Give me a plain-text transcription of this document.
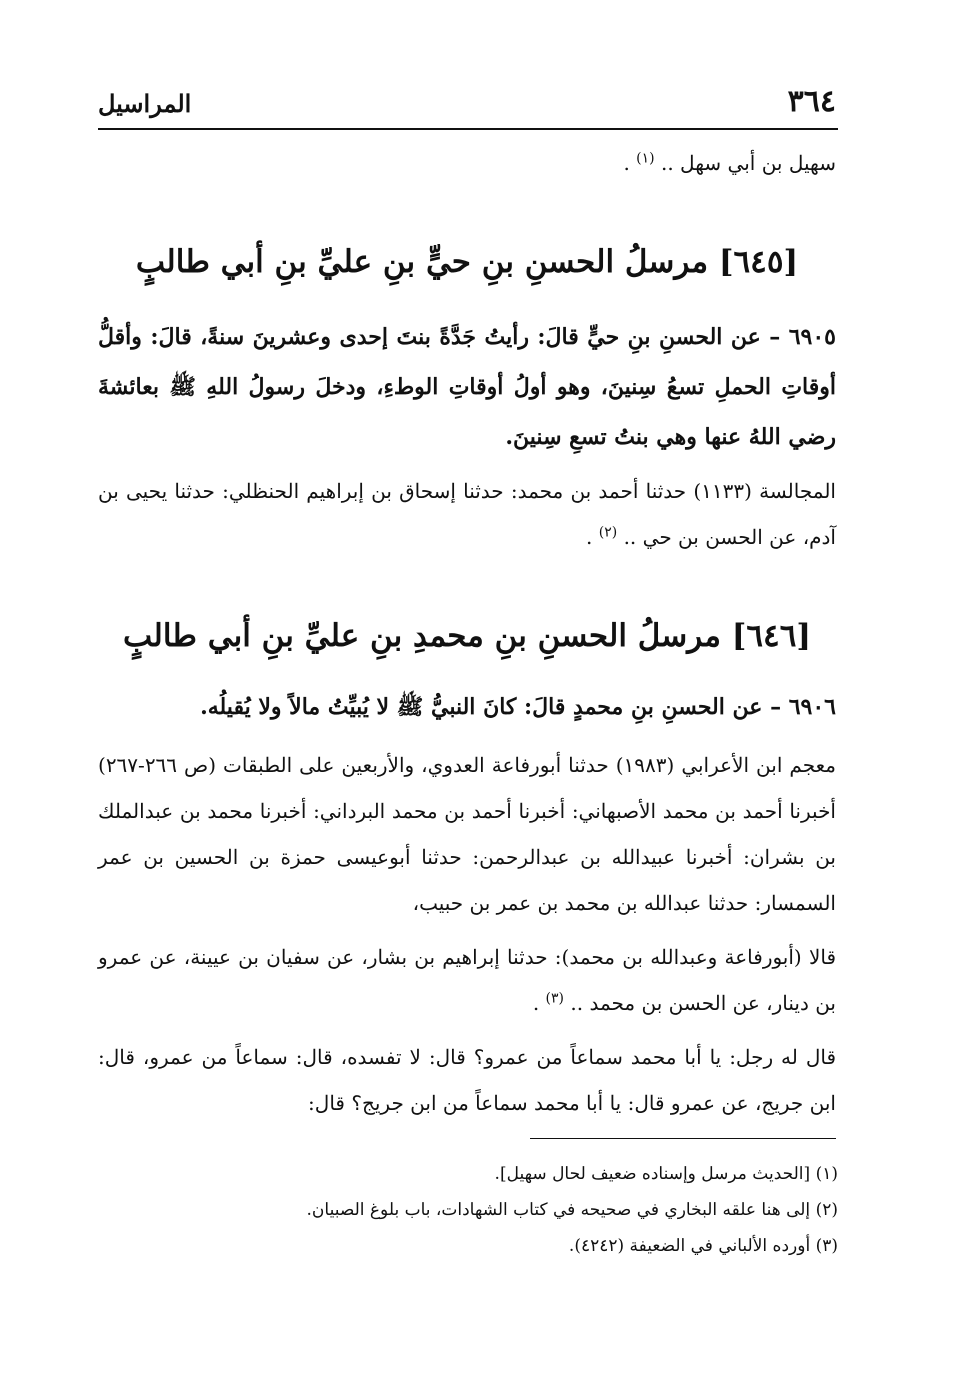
٣٦٤
المراسيل
سهيل بن أبي سهل .. $^{(١)}$ .
[٦٤٥] مرسلُ الحسنِ بنِ حيٍّ بنِ عليِّ بنِ أبي طالبٍ
٦٩٠٥ – عن الحسنِ بنِ حيٍّ قالَ: رأيتُ جَدَّةً بنتَ إحدى وعشرينَ سنةً، قالَ: وأقلُّ أوقاتِ الحملِ تسعُ سِنينَ، وهو أولُ أوقاتِ الوطءِ، ودخلَ رسولُ اللهِ ﷺ بعائشةَ رضي اللهُ عنها وهي بنتُ تسعِ سِنينَ.
المجالسة (١١٣٣) حدثنا أحمد بن محمد: حدثنا إسحاق بن إبراهيم الحنظلي: حدثنا يحيى بن آدم، عن الحسن بن حي .. $^{(٢)}$ .
[٦٤٦] مرسلُ الحسنِ بنِ محمدِ بنِ عليِّ بنِ أبي طالبٍ
٦٩٠٦ – عن الحسنِ بنِ محمدٍ قالَ: كانَ النبيُّ ﷺ لا يُبيِّتُ مالاً ولا يُقيلُه.
معجم ابن الأعرابي (١٩٨٣) حدثنا أبورفاعة العدوي، والأربعين على الطبقات (ص ٢٦٦-٢٦٧) أخبرنا أحمد بن محمد الأصبهاني: أخبرنا أحمد بن محمد البرداني: أخبرنا محمد بن عبدالملك بن بشران: أخبرنا عبيدالله بن عبدالرحمن: حدثنا أبوعيسى حمزة بن الحسين بن عمر السمسار: حدثنا عبدالله بن محمد بن عمر بن حبيب،
قالا (أبورفاعة وعبدالله بن محمد): حدثنا إبراهيم بن بشار، عن سفيان بن عيينة، عن عمرو بن دينار، عن الحسن بن محمد .. $^{(٣)}$ .
قال له رجل: يا أبا محمد سماعاً من عمرو؟ قال: لا تفسده، قال: سماعاً من عمرو، قال: ابن جريج، عن عمرو قال: يا أبا محمد سماعاً من ابن جريج؟ قال:
(١) [الحديث مرسل وإسناده ضعيف لحال سهيل].
(٢) إلى هنا علقه البخاري في صحيحه في كتاب الشهادات، باب بلوغ الصبيان.
(٣) أورده الألباني في الضعيفة (٤٢٤٢).
